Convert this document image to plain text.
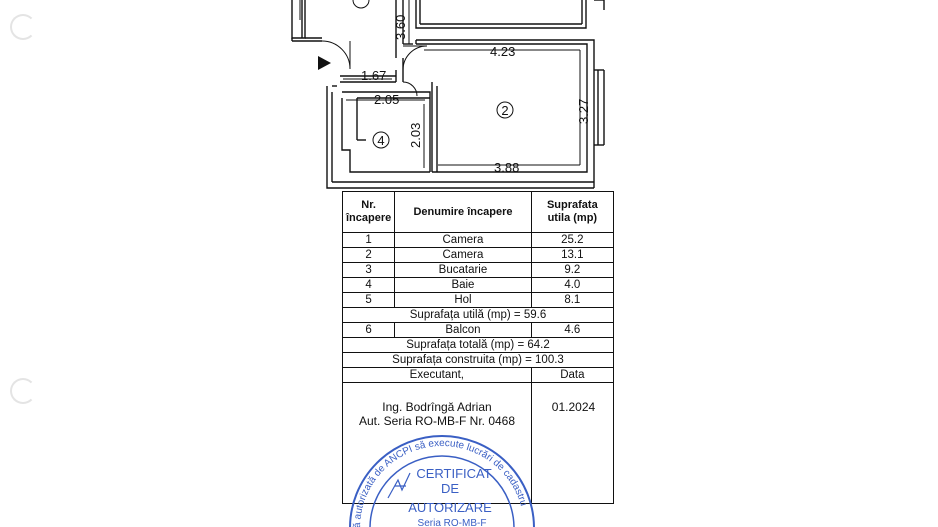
2
4
3.60
4.23
1.67
2.05	3.27
2.03
3.88
Nr. încapere	Denumire încapere	Suprafata utila (mp)
1	Camera	25.2
2	Camera	13.1
3	Bucatarie	9.2
4	Baie	4.0
5	Hol	8.1
Suprafața utilă (mp) = 59.6		
6	Balcon	4.6
Suprafața totală (mp) = 64.2		
Suprafața construita (mp) = 100.3		
Executant,		Data

Ing. Bodrîngă Adrian
Aut. Seria RO-MB-F Nr. 0468
01.2024
ă autorizată de ANCPI să execute lucrări de cadastru
CERTIFICAT
DE
AUTORIZARE
Seria RO-MB-F
